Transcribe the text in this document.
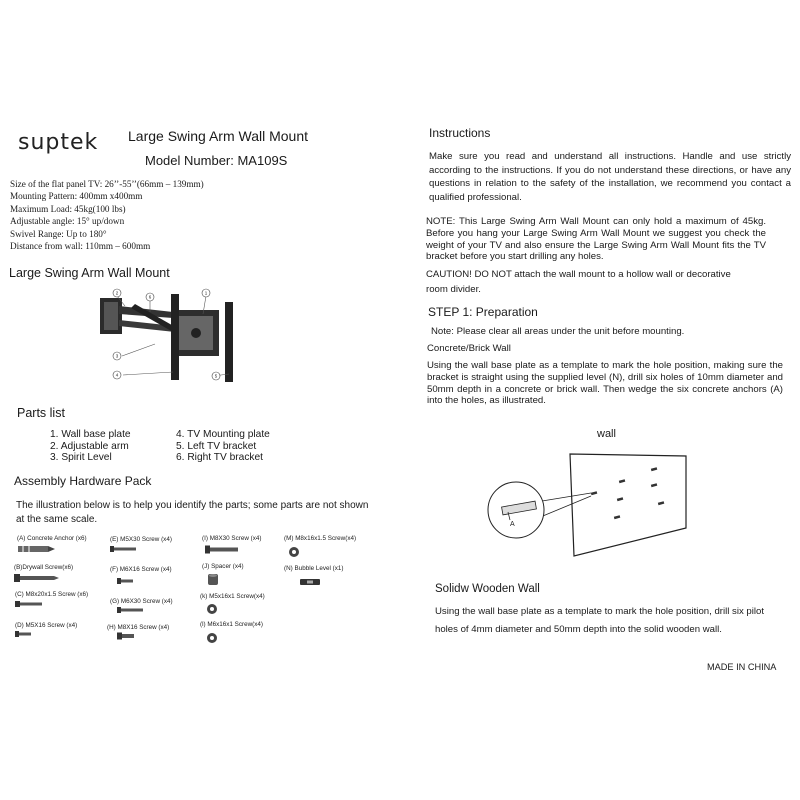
suptek Large Swing Arm Wall Mount
Model Number: MA109S
Size of the flat panel TV: 26’’-55’’(66mm – 139mm)
Mounting Pattern: 400mm x400mm
Maximum Load: 45kg(100 lbs)
Adjustable angle: 15° up/down
Swivel Range: Up to 180°
Distance from wall: 110mm – 600mm
Large Swing Arm Wall Mount
2
6
1
3
4	5
Parts list
1. Wall base plate
2. Adjustable arm
3. Spirit Level
4. TV Mounting plate
5. Left TV bracket
6. Right TV bracket
Assembly Hardware Pack
The illustration below is to help you identify the parts; some parts are not shown at the same scale.
(A) Concrete Anchor (x6)
(B)Drywall Screw(x6)
(C) M8x20x1.5 Screw (x6)
(D) M5X16 Screw (x4)
(E) M5X30 Screw (x4)
(F) M6X16 Screw (x4)
(G) M6X30 Screw (x4)
(H) M8X16 Screw (x4)
(I) M8X30 Screw (x4)
(J) Spacer (x4)
(k) M5x16x1 Screw(x4)
(l) M6x16x1 Screw(x4)
(M) M8x16x1.5 Screw(x4)
(N) Bubble Level (x1)
Instructions
Make sure you read and understand all instructions. Handle and use strictly according to the instructions. If you do not understand these directions, or have any questions in relation to the safety of the installation, we recommend you contact a qualified professional.
NOTE: This Large Swing Arm Wall Mount can only hold a maximum of 45kg. Before you hang your Large Swing Arm Wall Mount we suggest you check the weight of your TV and also ensure the Large Swing Arm Wall Mount fits the TV bracket before you start drilling any holes.
CAUTION! DO NOT attach the wall mount to a hollow wall or decorative room divider.
STEP 1: Preparation
Note: Please clear all areas under the unit before mounting.
Concrete/Brick Wall
Using the wall base plate as a template to mark the hole position, making sure the bracket is straight using the supplied level (N), drill six holes of 10mm diameter and 50mm depth in a concrete or brick wall. Then wedge the six concrete anchors (A) into the holes, as illustrated.
wall
A
Solidw Wooden Wall
Using the wall base plate as a template to mark the hole position, drill six pilot holes of 4mm diameter and 50mm depth into the solid wooden wall.
MADE IN CHINA
